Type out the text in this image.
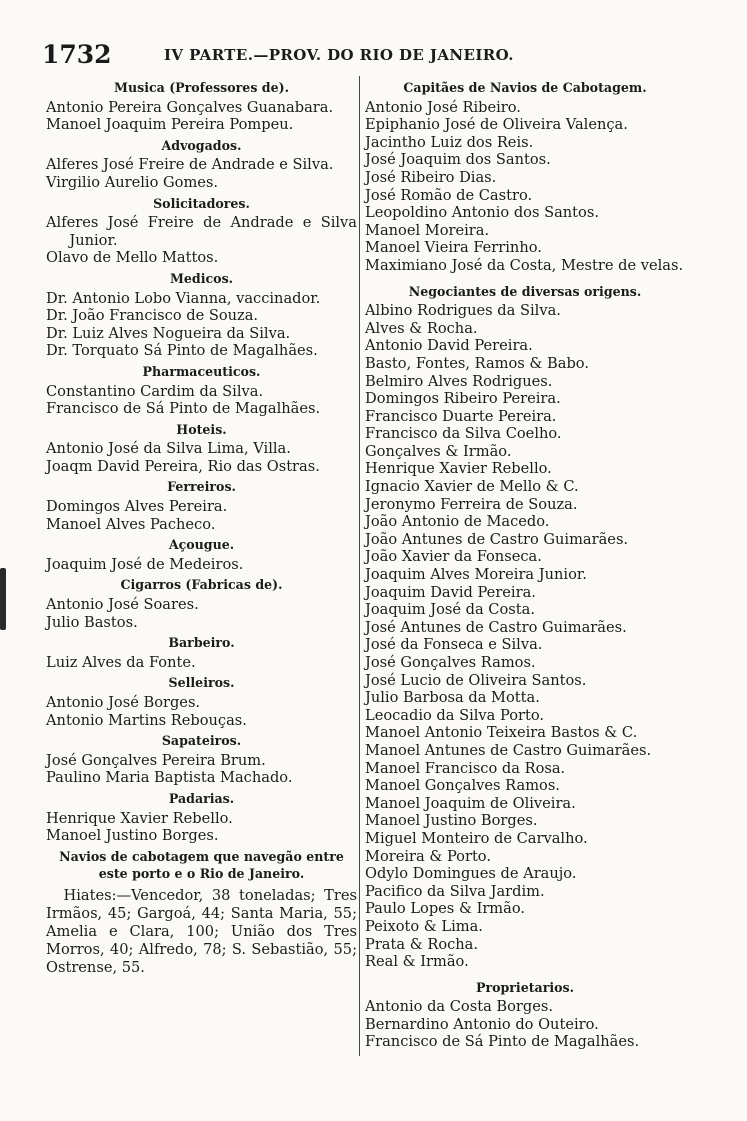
1732	IV PARTE.—PROV. DO RIO DE JANEIRO.
Musica (Professores de).
Antonio Pereira Gonçalves Guanabara.
Manoel Joaquim Pereira Pompeu.
Advogados.
Alferes José Freire de Andrade e Silva.
Virgilio Aurelio Gomes.
Solicitadores.
Alferes José Freire de Andrade e Silva Junior.
Olavo de Mello Mattos.
Medicos.
Dr. Antonio Lobo Vianna, vaccinador.
Dr. João Francisco de Souza.
Dr. Luiz Alves Nogueira da Silva.
Dr. Torquato Sá Pinto de Magalhães.
Pharmaceuticos.
Constantino Cardim da Silva.
Francisco de Sá Pinto de Magalhães.
Hoteis.
Antonio José da Silva Lima, Villa.
Joaqm David Pereira, Rio das Ostras.
Ferreiros.
Domingos Alves Pereira.
Manoel Alves Pacheco.
Açougue.
Joaquim José de Medeiros.
Cigarros (Fabricas de).
Antonio José Soares.
Julio Bastos.
Barbeiro.
Luiz Alves da Fonte.
Selleiros.
Antonio José Borges.
Antonio Martins Rebouças.
Sapateiros.
José Gonçalves Pereira Brum.
Paulino Maria Baptista Machado.
Padarias.
Henrique Xavier Rebello.
Manoel Justino Borges.
Navios de cabotagem que navegão entre este porto e o Rio de Janeiro.
Hiates:—Vencedor, 38 toneladas; Tres Irmãos, 45; Gargoá, 44; Santa Maria, 55; Amelia e Clara, 100; União dos Tres Morros, 40; Alfredo, 78; S. Sebastião, 55; Ostrense, 55.
Capitães de Navios de Cabotagem.
Antonio José Ribeiro.
Epiphanio José de Oliveira Valença.
Jacintho Luiz dos Reis.
José Joaquim dos Santos.
José Ribeiro Dias.
José Romão de Castro.
Leopoldino Antonio dos Santos.
Manoel Moreira.
Manoel Vieira Ferrinho.
Maximiano José da Costa, Mestre de velas.
Negociantes de diversas origens.
Albino Rodrigues da Silva.
Alves & Rocha.
Antonio David Pereira.
Basto, Fontes, Ramos & Babo.
Belmiro Alves Rodrigues.
Domingos Ribeiro Pereira.
Francisco Duarte Pereira.
Francisco da Silva Coelho.
Gonçalves & Irmão.
Henrique Xavier Rebello.
Ignacio Xavier de Mello & C.
Jeronymo Ferreira de Souza.
João Antonio de Macedo.
João Antunes de Castro Guimarães.
João Xavier da Fonseca.
Joaquim Alves Moreira Junior.
Joaquim David Pereira.
Joaquim José da Costa.
José Antunes de Castro Guimarães.
José da Fonseca e Silva.
José Gonçalves Ramos.
José Lucio de Oliveira Santos.
Julio Barbosa da Motta.
Leocadio da Silva Porto.
Manoel Antonio Teixeira Bastos & C.
Manoel Antunes de Castro Guimarães.
Manoel Francisco da Rosa.
Manoel Gonçalves Ramos.
Manoel Joaquim de Oliveira.
Manoel Justino Borges.
Miguel Monteiro de Carvalho.
Moreira & Porto.
Odylo Domingues de Araujo.
Pacifico da Silva Jardim.
Paulo Lopes & Irmão.
Peixoto & Lima.
Prata & Rocha.
Real & Irmão.
Proprietarios.
Antonio da Costa Borges.
Bernardino Antonio do Outeiro.
Francisco de Sá Pinto de Magalhães.
